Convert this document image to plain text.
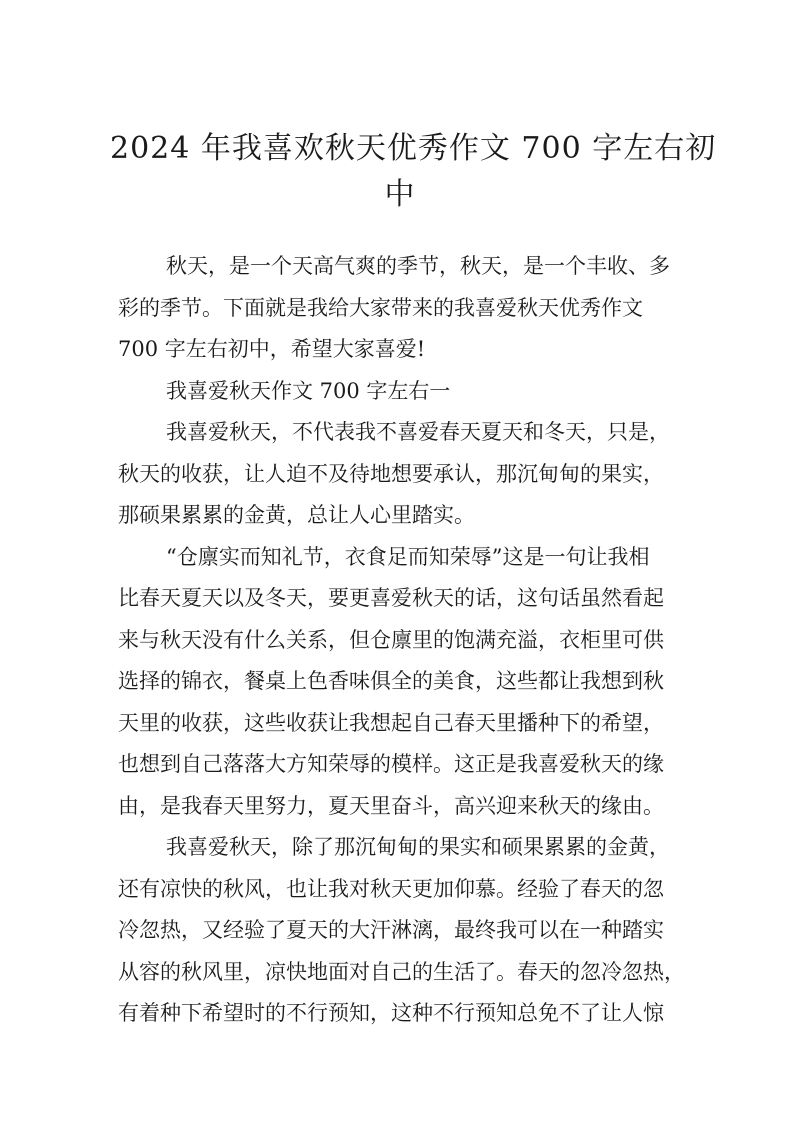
2024 年我喜欢秋天优秀作文 700 字左右初
中
秋天，是一个天高气爽的季节，秋天，是一个丰收、多
彩的季节。下面就是我给大家带来的我喜爱秋天优秀作文
700 字左右初中，希望大家喜爱!
我喜爱秋天作文 700 字左右一
我喜爱秋天，不代表我不喜爱春天夏天和冬天，只是，
秋天的收获，让人迫不及待地想要承认，那沉甸甸的果实，
那硕果累累的金黄，总让人心里踏实。
“仓廪实而知礼节，衣食足而知荣辱”这是一句让我相
比春天夏天以及冬天，要更喜爱秋天的话，这句话虽然看起
来与秋天没有什么关系，但仓廪里的饱满充溢，衣柜里可供
选择的锦衣，餐桌上色香味俱全的美食，这些都让我想到秋
天里的收获，这些收获让我想起自己春天里播种下的希望，
也想到自己落落大方知荣辱的模样。这正是我喜爱秋天的缘
由，是我春天里努力，夏天里奋斗，高兴迎来秋天的缘由。
我喜爱秋天，除了那沉甸甸的果实和硕果累累的金黄，
还有凉快的秋风，也让我对秋天更加仰慕。经验了春天的忽
冷忽热，又经验了夏天的大汗淋漓，最终我可以在一种踏实
从容的秋风里，凉快地面对自己的生活了。春天的忽冷忽热，
有着种下希望时的不行预知，这种不行预知总免不了让人惊
